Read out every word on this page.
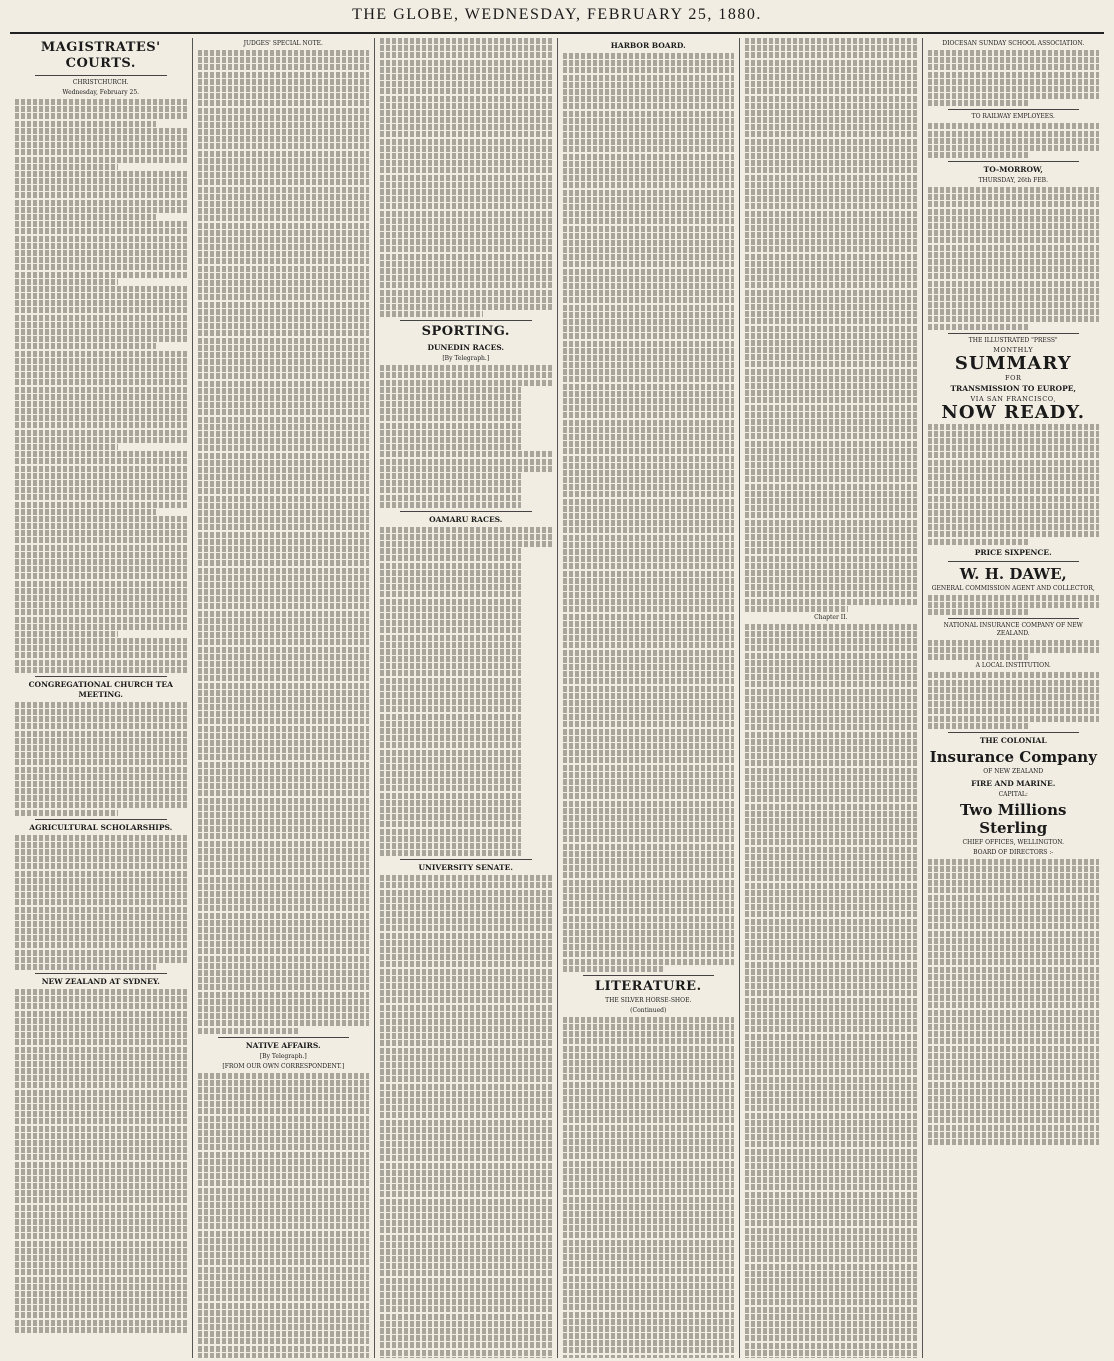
THE GLOBE, WEDNESDAY, FEBRUARY 25, 1880.
MAGISTRATES' COURTS.
CHRISTCHURCH.
Wednesday, February 25.
CONGREGATIONAL CHURCH TEA MEETING.
AGRICULTURAL SCHOLARSHIPS.
NEW ZEALAND AT SYDNEY.
JUDGES' SPECIAL NOTE.
NATIVE AFFAIRS.
[By Telegraph.]
[FROM OUR OWN CORRESPONDENT.]
SPORTING.
DUNEDIN RACES.
[By Telegraph.]
OAMARU RACES.
UNIVERSITY SENATE.
HARBOR BOARD.
LITERATURE.
THE SILVER HORSE-SHOE.
(Continued)
Chapter II.
DIOCESAN SUNDAY SCHOOL ASSOCIATION.
TO RAILWAY EMPLOYEES.
TO-MORROW,
THURSDAY, 26th FEB.
THE ILLUSTRATED "PRESS"
MONTHLY
SUMMARY
FOR
TRANSMISSION TO EUROPE,
VIA SAN FRANCISCO,
NOW READY.
PRICE SIXPENCE.
W. H. DAWE,
GENERAL COMMISSION AGENT AND COLLECTOR,
NATIONAL INSURANCE COMPANY OF NEW ZEALAND.
A LOCAL INSTITUTION.
THE COLONIAL
Insurance Company
OF NEW ZEALAND
FIRE AND MARINE.
CAPITAL:
Two Millions Sterling
CHIEF OFFICES, WELLINGTON.
BOARD OF DIRECTORS :-
